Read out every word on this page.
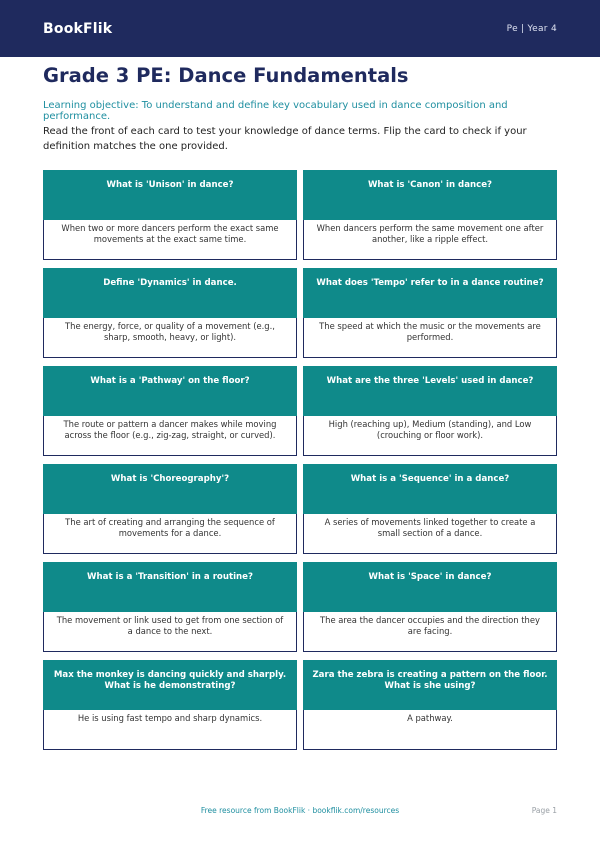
BookFlik	Pe | Year 4
Grade 3 PE: Dance Fundamentals
Learning objective: To understand and define key vocabulary used in dance composition and performance.
Read the front of each card to test your knowledge of dance terms. Flip the card to check if your definition matches the one provided.
What is 'Unison' in dance?
When two or more dancers perform the exact same movements at the exact same time.
What is 'Canon' in dance?
When dancers perform the same movement one after another, like a ripple effect.
Define 'Dynamics' in dance.
The energy, force, or quality of a movement (e.g., sharp, smooth, heavy, or light).
What does 'Tempo' refer to in a dance routine?
The speed at which the music or the movements are performed.
What is a 'Pathway' on the floor?
The route or pattern a dancer makes while moving across the floor (e.g., zig-zag, straight, or curved).
What are the three 'Levels' used in dance?
High (reaching up), Medium (standing), and Low (crouching or floor work).
What is 'Choreography'?
The art of creating and arranging the sequence of movements for a dance.
What is a 'Sequence' in a dance?
A series of movements linked together to create a small section of a dance.
What is a 'Transition' in a routine?
The movement or link used to get from one section of a dance to the next.
What is 'Space' in dance?
The area the dancer occupies and the direction they are facing.
Max the monkey is dancing quickly and sharply. What is he demonstrating?
He is using fast tempo and sharp dynamics.
Zara the zebra is creating a pattern on the floor. What is she using?
A pathway.
Free resource from BookFlik · bookflik.com/resources	Page 1
